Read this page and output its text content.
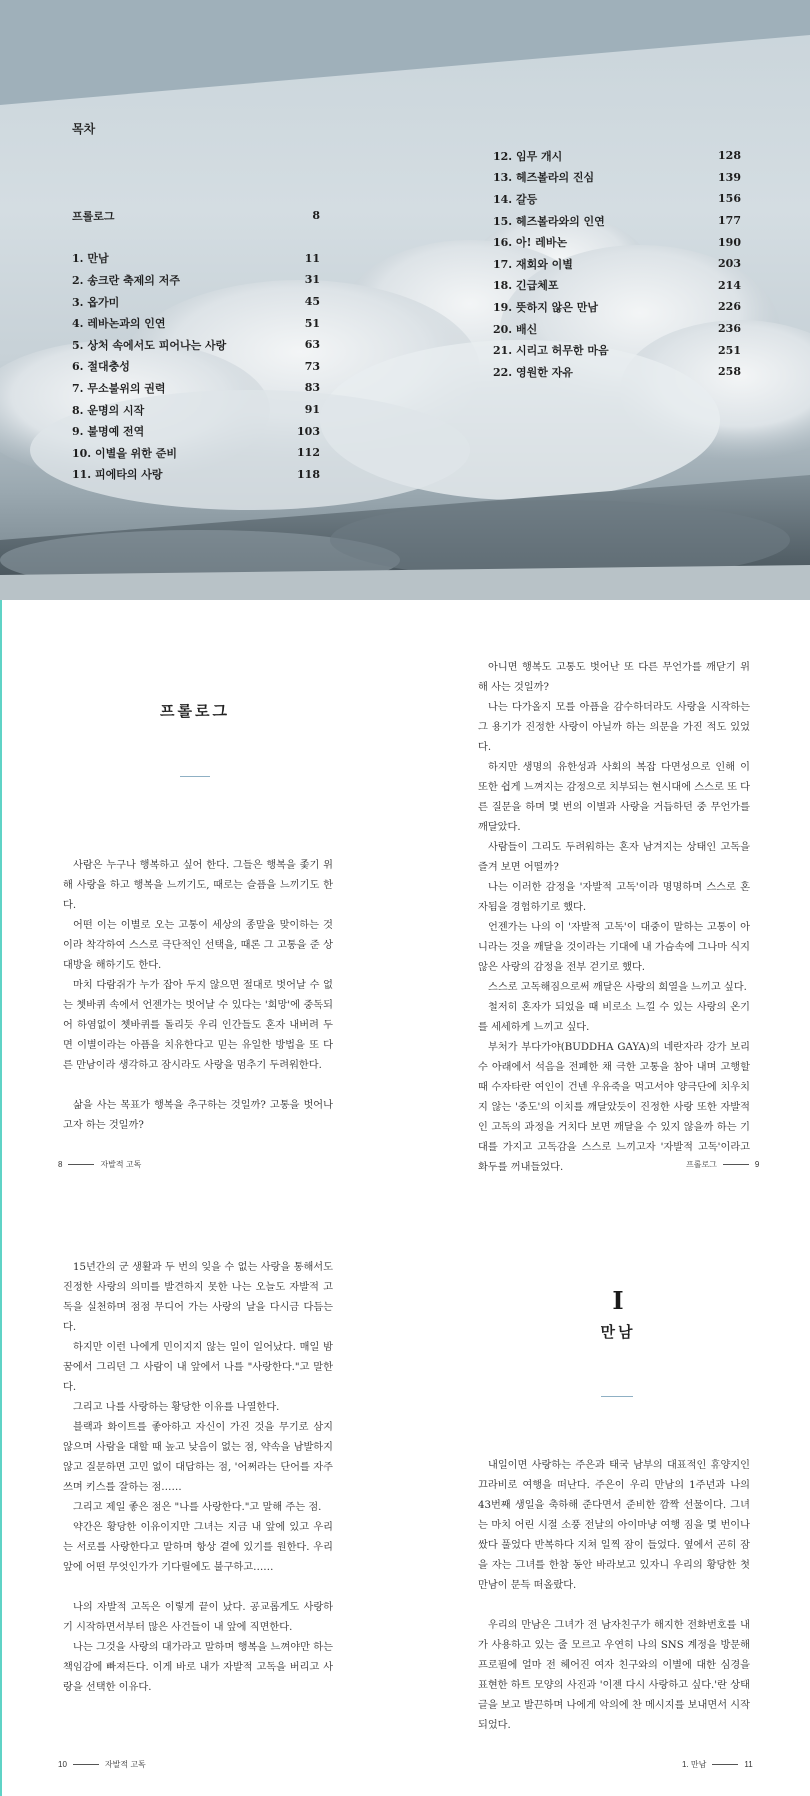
목차
프롤로그	8
1. 만남	11
2. 송크란 축제의 저주	31
3. 옵가미	45
4. 레바논과의 인연	51
5. 상처 속에서도 피어나는 사랑	63
6. 절대충성	73
7. 무소불위의 권력	83
8. 운명의 시작	91
9. 불명예 전역	103
10. 이별을 위한 준비	112
11. 피에타의 사랑	118
12. 임무 개시	128
13. 헤즈볼라의 진심	139
14. 갈등	156
15. 헤즈볼라와의 인연	177
16. 아! 레바논	190
17. 재회와 이별	203
18. 긴급체포	214
19. 뜻하지 않은 만남	226
20. 배신	236
21. 시리고 허무한 마음	251
22. 영원한 자유	258
프롤로그

사람은 누구나 행복하고 싶어 한다. 그들은 행복을 좇기 위해 사랑을 하고 행복을 느끼기도, 때로는 슬픔을 느끼기도 한다.

어떤 이는 이별로 오는 고통이 세상의 종말을 맞이하는 것이라 착각하여 스스로 극단적인 선택을, 때론 그 고통을 준 상대방을 해하기도 한다.

마치 다람쥐가 누가 잡아 두지 않으면 절대로 벗어날 수 없는 쳇바퀴 속에서 언젠가는 벗어날 수 있다는 '희망'에 중독되어 하염없이 쳇바퀴를 돌리듯 우리 인간들도 혼자 내버려 두면 이별이라는 아픔을 치유한다고 믿는 유일한 방법을 또 다른 만남이라 생각하고 잠시라도 사랑을 멈추기 두려워한다.

삶을 사는 목표가 행복을 추구하는 것일까? 고통을 벗어나고자 하는 것일까?

8	자발적 고독

아니면 행복도 고통도 벗어난 또 다른 무언가를 깨닫기 위해 사는 것일까?

나는 다가올지 모를 아픔을 감수하더라도 사랑을 시작하는 그 용기가 진정한 사랑이 아닐까 하는 의문을 가진 적도 있었다.

하지만 생명의 유한성과 사회의 복잡 다면성으로 인해 이 또한 쉽게 느껴지는 감정으로 치부되는 현시대에 스스로 또 다른 질문을 하며 몇 번의 이별과 사랑을 거듭하던 중 무언가를 깨달았다.

사람들이 그리도 두려워하는 혼자 남겨지는 상태인 고독을 즐겨 보면 어떨까?

나는 이러한 감정을 '자발적 고독'이라 명명하며 스스로 혼자됨을 경험하기로 했다.

언젠가는 나의 이 '자발적 고독'이 대중이 말하는 고통이 아니라는 것을 깨달을 것이라는 기대에 내 가슴속에 그나마 식지 않은 사랑의 감정을 전부 걷기로 했다.

스스로 고독해짐으로써 깨달은 사랑의 희열을 느끼고 싶다.

철저히 혼자가 되었을 때 비로소 느낄 수 있는 사랑의 온기를 세세하게 느끼고 싶다.

부처가 부다가야(BUDDHA GAYA)의 네란자라 강가 보리수 아래에서 석음을 전폐한 채 극한 고통을 참아 내며 고행할 때 수자타란 여인이 건넨 우유죽을 먹고서야 양극단에 치우치지 않는 '중도'의 이치를 깨달았듯이 진정한 사랑 또한 자발적인 고독의 과정을 거치다 보면 깨달을 수 있지 않을까 하는 기대를 가지고 고독감을 스스로 느끼고자 '자발적 고독'이라고 화두를 꺼내들었다.	프롤로그	9

15년간의 군 생활과 두 번의 잊을 수 없는 사랑을 통해서도 진정한 사랑의 의미를 발견하지 못한 나는 오늘도 자발적 고독을 실천하며 점점 무디어 가는 사랑의 날을 다시금 다듬는다.

하지만 이런 나에게 민이지지 않는 일이 일어났다. 매일 밤 꿈에서 그리던 그 사람이 내 앞에서 나를 "사랑한다."고 말한다.

그리고 나를 사랑하는 황당한 이유를 나열한다.

블랙과 화이트를 좋아하고 자신이 가진 것을 무기로 삼지 않으며 사람을 대할 때 높고 낮음이 없는 점, 약속을 남발하지 않고 질문하면 고민 없이 대답하는 점, '어쩌라는 단어를 자주 쓰며 키스를 잘하는 점……

그리고 제일 좋은 점은 "나를 사랑한다."고 말해 주는 점.

약간은 황당한 이유이지만 그녀는 지금 내 앞에 있고 우리는 서로를 사랑한다고 말하며 항상 곁에 있기를 원한다. 우리 앞에 어떤 무엇인가가 기다릴에도 불구하고……

나의 자발적 고독은 이렇게 끝이 났다. 공교롭게도 사랑하기 시작하면서부터 많은 사건들이 내 앞에 직면한다.

나는 그것을 사랑의 대가라고 말하며 행복을 느껴야만 하는 책임감에 빠져든다. 이게 바로 내가 자발적 고독을 버리고 사랑을 선택한 이유다.

10	자발적 고독
I
만남

내일이면 사랑하는 주은과 태국 남부의 대표적인 휴양지인 끄라비로 여행을 떠난다. 주은이 우리 만남의 1주년과 나의 43번째 생일을 축하해 준다면서 준비한 깜짝 선물이다. 그녀는 마치 어린 시절 소풍 전날의 아이마냥 여행 짐을 몇 번이나 쌌다 풀었다 반복하다 지쳐 일찍 잠이 들었다. 옆에서 곤히 잠을 자는 그녀를 한참 동안 바라보고 있자니 우리의 황당한 첫 만남이 문득 떠올랐다.

우리의 만남은 그녀가 전 남자친구가 해지한 전화번호를 내가 사용하고 있는 줄 모르고 우연히 나의 SNS 계정을 방문해 프로필에 얼마 전 헤어진 여자 친구와의 이별에 대한 심경을 표현한 하트 모양의 사진과 '이젠 다시 사랑하고 싶다.'란 상태 글을 보고 발끈하며 나에게 악의에 찬 메시지를 보내면서 시작되었다.

1. 만남	11
